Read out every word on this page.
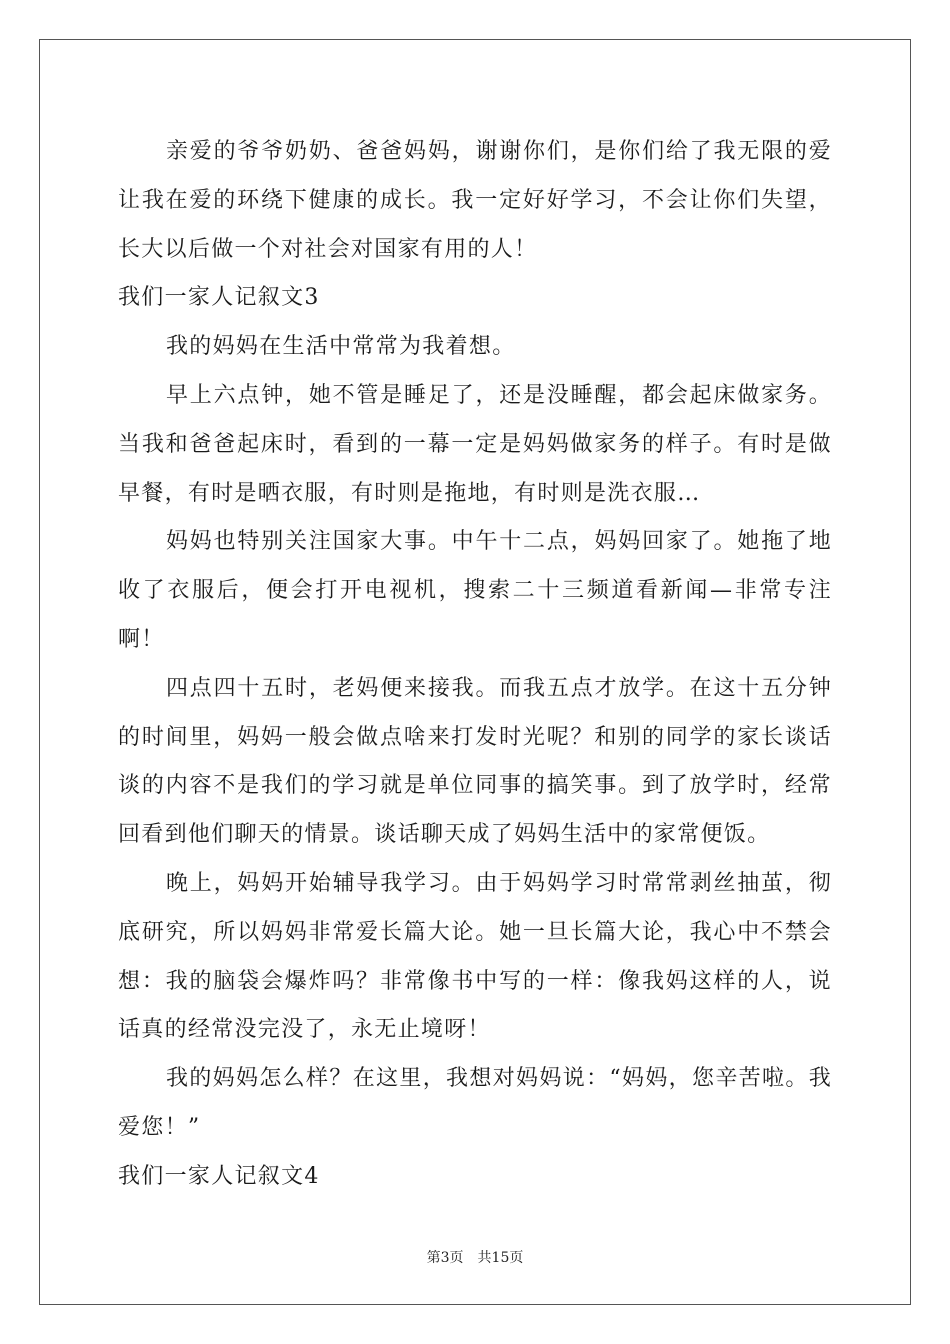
亲爱的爷爷奶奶、爸爸妈妈，谢谢你们，是你们给了我无限的爱让我在爱的环绕下健康的成长。我一定好好学习，不会让你们失望，长大以后做一个对社会对国家有用的人！

我们一家人记叙文3

我的妈妈在生活中常常为我着想。

早上六点钟，她不管是睡足了，还是没睡醒，都会起床做家务。当我和爸爸起床时，看到的一幕一定是妈妈做家务的样子。有时是做早餐，有时是晒衣服，有时则是拖地，有时则是洗衣服…

妈妈也特别关注国家大事。中午十二点，妈妈回家了。她拖了地收了衣服后，便会打开电视机，搜索二十三频道看新闻—非常专注啊！

四点四十五时，老妈便来接我。而我五点才放学。在这十五分钟的时间里，妈妈一般会做点啥来打发时光呢？和别的同学的家长谈话谈的内容不是我们的学习就是单位同事的搞笑事。到了放学时，经常回看到他们聊天的情景。谈话聊天成了妈妈生活中的家常便饭。

晚上，妈妈开始辅导我学习。由于妈妈学习时常常剥丝抽茧，彻底研究，所以妈妈非常爱长篇大论。她一旦长篇大论，我心中不禁会想：我的脑袋会爆炸吗？非常像书中写的一样：像我妈这样的人，说话真的经常没完没了，永无止境呀！

我的妈妈怎么样？在这里，我想对妈妈说：“妈妈，您辛苦啦。我爱您！”

我们一家人记叙文4

第3页 共15页
